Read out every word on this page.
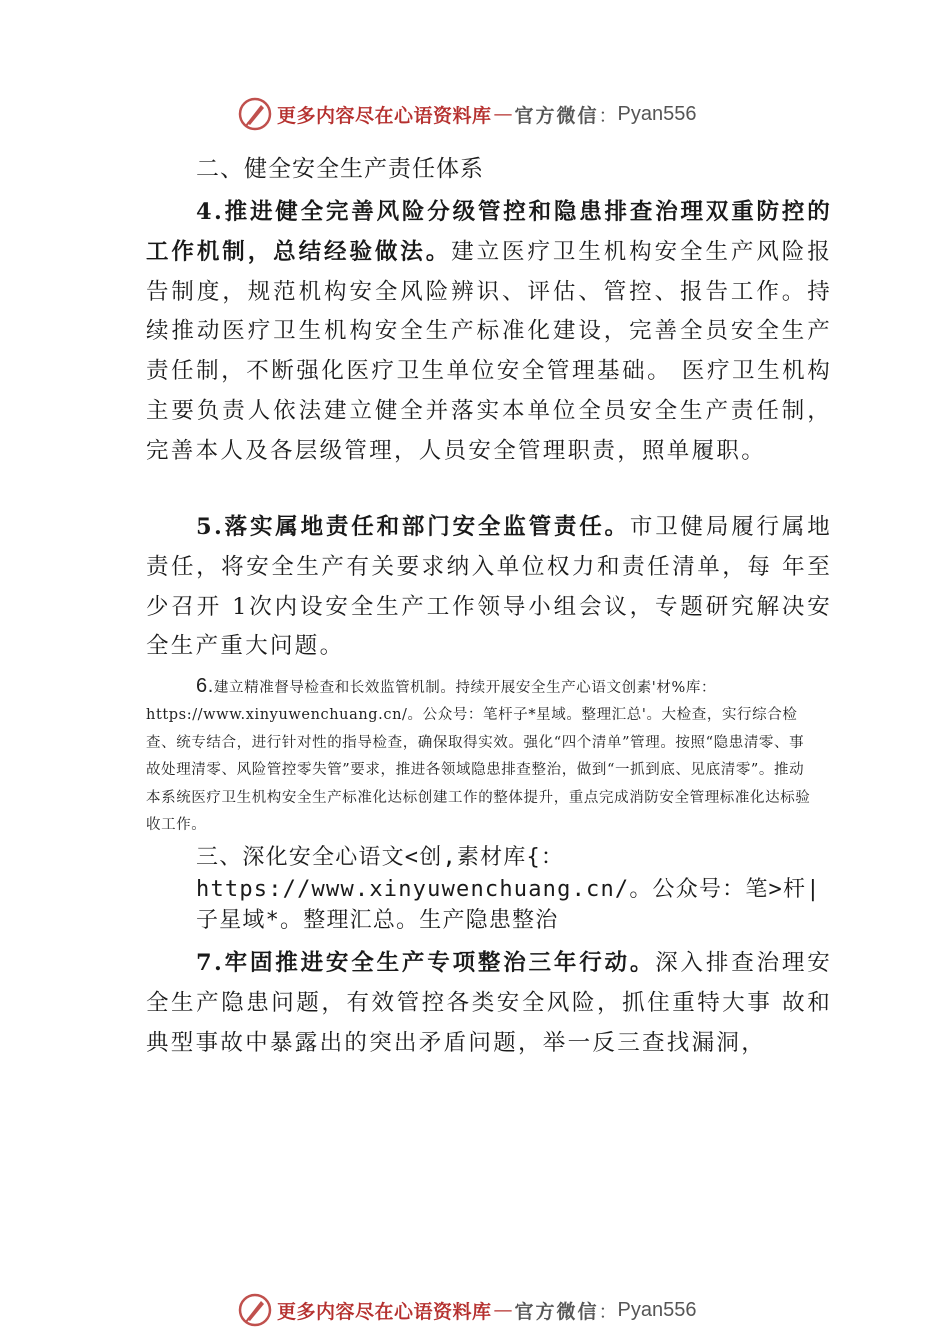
更多内容尽在心语资料库 — 官方微信 ： Pyan556
二、健全安全生产责任体系
4.推进健全完善风险分级管控和隐患排查治理双重防控的工作机制，总结经验做法。建立医疗卫生机构安全生产风险报告制度，规范机构安全风险辨识、评估、管控、报告工作。持续推动医疗卫生机构安全生产标准化建设，完善全员安全生产责任制，不断强化医疗卫生单位安全管理基础。 医疗卫生机构主要负责人依法建立健全并落实本单位全员安全生产责任制，完善本人及各层级管理，人员安全管理职责，照单履职。
5.落实属地责任和部门安全监管责任。市卫健局履行属地责任，将安全生产有关要求纳入单位权力和责任清单，每 年至少召开 1次内设安全生产工作领导小组会议，专题研究解决安全生产重大问题。
6.建立精准督导检查和长效监管机制。持续开展安全生产心语文创素'材%库：https://www.xinyuwenchuang.cn/。公众号：笔杆子*星域。整理汇总'。大检查，实行综合检查、统专结合，进行针对性的指导检查，确保取得实效。强化“四个清单”管理。按照“隐患清零、事故处理清零、风险管控零失管”要求，推进各领域隐患排查整治，做到“一抓到底、见底清零”。推动本系统医疗卫生机构安全生产标准化达标创建工作的整体提升，重点完成消防安全管理标准化达标验收工作。
三、深化安全心语文<创,素材库{：https://www.xinyuwenchuang.cn/。公众号：笔>杆|子星域*。整理汇总。生产隐患整治
7.牢固推进安全生产专项整治三年行动。深入排查治理安全生产隐患问题，有效管控各类安全风险，抓住重特大事 故和典型事故中暴露出的突出矛盾问题，举一反三查找漏洞，
更多内容尽在心语资料库 — 官方微信 ： Pyan556
